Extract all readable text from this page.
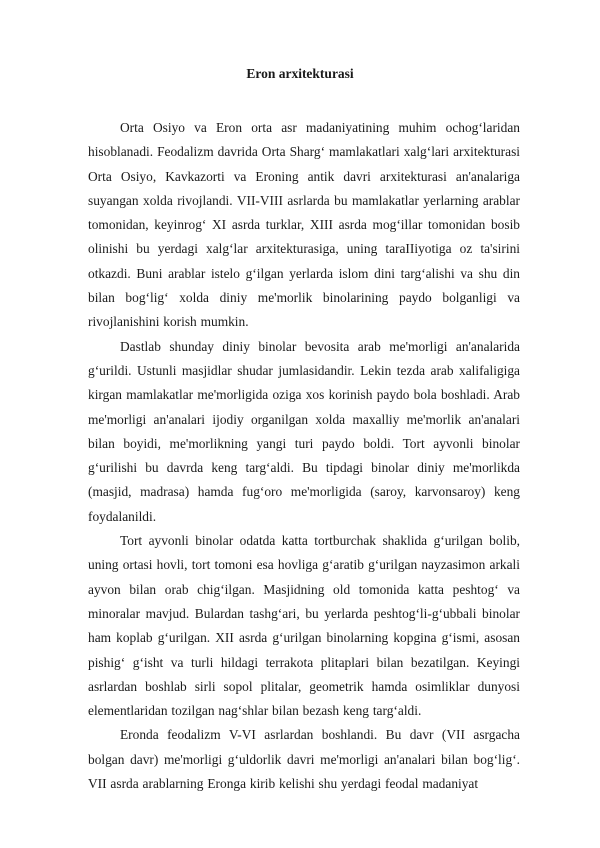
Eron arxitekturasi

Orta Osiyo va Eron orta asr madaniyatining muhim ochog‘laridan hisoblanadi. Feodalizm davrida Orta Sharg‘ mamlakatlari xalg‘lari arxitekturasi Orta Osiyo, Kavkazorti va Eroning antik davri arxitekturasi an'analariga suyangan xolda rivojlandi. VII-VIII asrlarda bu mamlakatlar yerlarning arablar tomonidan, keyinrog‘ XI asrda turklar, XIII asrda mog‘illar tomonidan bosib olinishi bu yerdagi xalg‘lar arxitekturasiga, uning taraIIiyotiga oz ta'sirini otkazdi. Buni arablar istelo g‘ilgan yerlarda islom dini targ‘alishi va shu din bilan bog‘lig‘ xolda diniy me'morlik binolarining paydo bolganligi va rivojlanishini korish mumkin.

Dastlab shunday diniy binolar bevosita arab me'morligi an'analarida g‘urildi. Ustunli masjidlar shudar jumlasidandir. Lekin tezda arab xalifaligiga kirgan mamlakatlar me'morligida oziga xos korinish paydo bola boshladi. Arab me'morligi an'analari ijodiy organilgan xolda maxalliy me'morlik an'analari bilan boyidi, me'morlikning yangi turi paydo boldi. Tort ayvonli binolar g‘urilishi bu davrda keng targ‘aldi. Bu tipdagi binolar diniy me'morlikda (masjid, madrasa) hamda fug‘oro me'morligida (saroy, karvonsaroy) keng foydalanildi.

Tort ayvonli binolar odatda katta tortburchak shaklida g‘urilgan bolib, uning ortasi hovli, tort tomoni esa hovliga g‘aratib g‘urilgan nayzasimon arkali ayvon bilan orab chig‘ilgan. Masjidning old tomonida katta peshtog‘ va minoralar mavjud. Bulardan tashg‘ari, bu yerlarda peshtog‘li-g‘ubbali binolar ham koplab g‘urilgan. XII asrda g‘urilgan binolarning kopgina g‘ismi, asosan pishig‘ g‘isht va turli hildagi terrakota plitaplari bilan bezatilgan. Keyingi asrlardan boshlab sirli sopol plitalar, geometrik hamda osimliklar dunyosi elementlaridan tozilgan nag‘shlar bilan bezash keng targ‘aldi.

Eronda feodalizm V-VI asrlardan boshlandi. Bu davr (VII asrgacha bolgan davr) me'morligi g‘uldorlik davri me'morligi an'analari bilan bog‘lig‘. VII asrda arablarning Eronga kirib kelishi shu yerdagi feodal madaniyat
